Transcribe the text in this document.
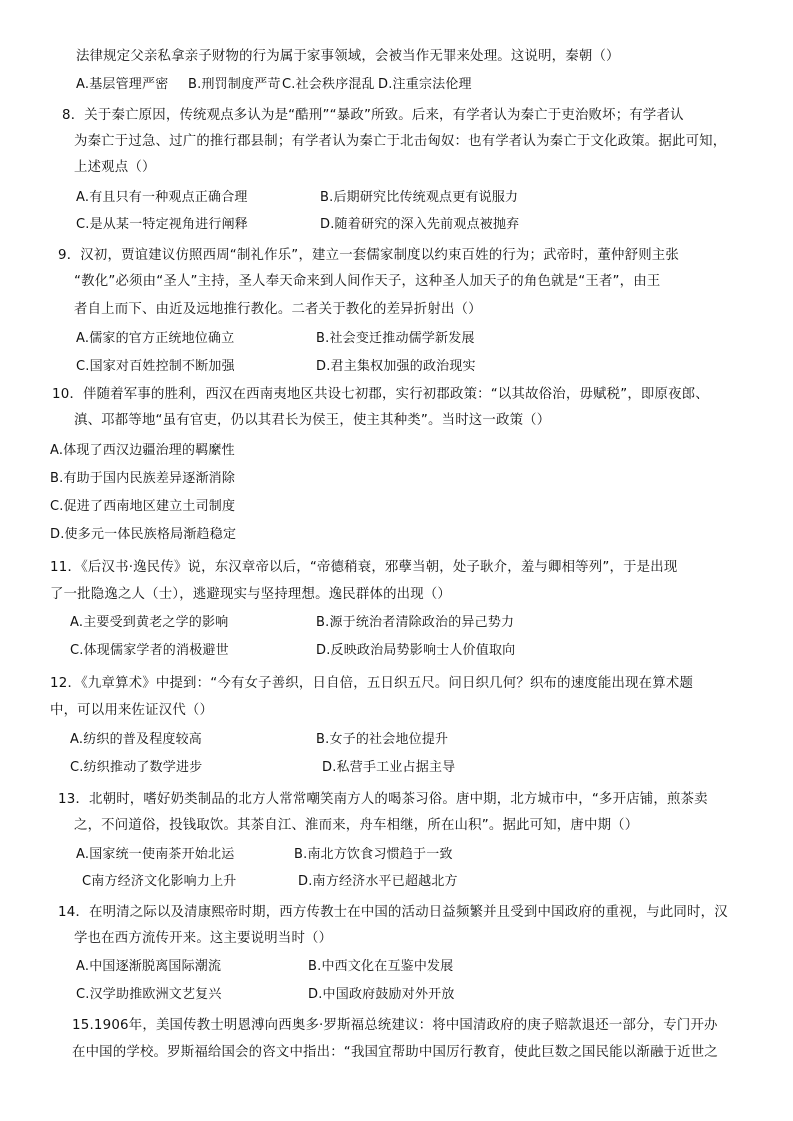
法律规定父亲私拿亲子财物的行为属于家事领域，会被当作无罪来处理。这说明，秦朝（）
A.基层管理严密 B.刑罚制度严苛 C.社会秩序混乱 D.注重宗法伦理
8．关于秦亡原因，传统观点多认为是“酷刑”“暴政”所致。后来，有学者认为秦亡于吏治败坏；有学者认
为秦亡于过急、过广的推行郡县制；有学者认为秦亡于北击匈奴：也有学者认为秦亡于文化政策。据此可知，
上述观点（）
A.有且只有一种观点正确合理	B.后期研究比传统观点更有说服力
C.是从某一特定视角进行阐释	D.随着研究的深入先前观点被抛弃
9．汉初，贾谊建议仿照西周“制礼作乐”，建立一套儒家制度以约束百姓的行为；武帝时，董仲舒则主张
“教化”必须由“圣人”主持，圣人奉天命来到人间作天子，这种圣人加天子的角色就是“王者”，由王
者自上而下、由近及远地推行教化。二者关于教化的差异折射出（）
A.儒家的官方正统地位确立	B.社会变迁推动儒学新发展
C.国家对百姓控制不断加强	D.君主集权加强的政治现实
10．伴随着军事的胜利，西汉在西南夷地区共设七初郡，实行初郡政策：“以其故俗治，毋赋税”，即原夜郎、
滇、邛都等地“虽有官吏，仍以其君长为侯王，使主其种类”。当时这一政策（）
A.体现了西汉边疆治理的羁縻性
B.有助于国内民族差异逐渐消除
C.促进了西南地区建立土司制度
D.使多元一体民族格局渐趋稳定
11．《后汉书·逸民传》说，东汉章帝以后，“帝德稍衰，邪孽当朝，处子耿介，羞与卿相等列”，于是出现
了一批隐逸之人（士），逃避现实与坚持理想。逸民群体的出现（）
A.主要受到黄老之学的影响	B.源于统治者清除政治的异己势力
C.体现儒家学者的消极避世	D.反映政治局势影响士人价值取向
12．《九章算术》中提到：“今有女子善织，日自倍，五日织五尺。问日织几何？织布的速度能出现在算术题
中，可以用来佐证汉代（）
A.纺织的普及程度较高	B.女子的社会地位提升
C.纺织推动了数学进步	D.私营手工业占据主导
13．北朝时，嗜好奶类制品的北方人常常嘲笑南方人的喝茶习俗。唐中期，北方城市中，“多开店铺，煎茶卖
之，不问道俗，投钱取饮。其茶自江、淮而来，舟车相继，所在山积”。据此可知，唐中期（）
A.国家统一使南茶开始北运	B.南北方饮食习惯趋于一致
C南方经济文化影响力上升	D.南方经济水平已超越北方
14．在明清之际以及清康熙帝时期，西方传教士在中国的活动日益频繁并且受到中国政府的重视，与此同时，汉
学也在西方流传开来。这主要说明当时（）
A.中国逐渐脱离国际潮流	B.中西文化在互鉴中发展
C.汉学助推欧洲文艺复兴	D.中国政府鼓励对外开放
15.1906年，美国传教士明恩溥向西奥多·罗斯福总统建议：将中国清政府的庚子赔款退还一部分，专门开办
在中国的学校。罗斯福给国会的咨文中指出：“我国宜帮助中国厉行教育，使此巨数之国民能以渐融于近世之
